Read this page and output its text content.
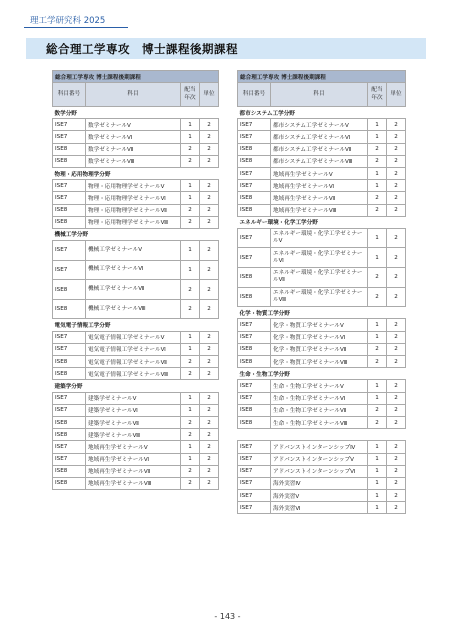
理工学研究科 2025
総合理工学専攻　博士課程後期課程
総合理工学専攻 博士課程後期課程			
科目番号	科目	配当年次	単位
数学分野			
ISE7	数学ゼミナールⅤ	1	2
ISE7	数学ゼミナールⅥ	1	2
ISE8	数学ゼミナールⅦ	2	2
ISE8	数学ゼミナールⅧ	2	2
物理・応用物理学分野			
ISE7	物理・応用物理学ゼミナールⅤ	1	2
ISE7	物理・応用物理学ゼミナールⅥ	1	2
ISE8	物理・応用物理学ゼミナールⅦ	2	2
ISE8	物理・応用物理学ゼミナールⅧ	2	2
機械工学分野			
ISE7	機械工学ゼミナールⅤ	1	2
ISE7	機械工学ゼミナールⅥ	1	2
ISE8	機械工学ゼミナールⅦ	2	2
ISE8	機械工学ゼミナールⅧ	2	2
電気電子情報工学分野			
ISE7	電気電子情報工学ゼミナールⅤ	1	2
ISE7	電気電子情報工学ゼミナールⅥ	1	2
ISE8	電気電子情報工学ゼミナールⅦ	2	2
ISE8	電気電子情報工学ゼミナールⅧ	2	2
建築学分野			
ISE7	建築学ゼミナールⅤ	1	2
ISE7	建築学ゼミナールⅥ	1	2
ISE8	建築学ゼミナールⅦ	2	2
ISE8	建築学ゼミナールⅧ	2	2
ISE7	地域再生学ゼミナールⅤ	1	2
ISE7	地域再生学ゼミナールⅥ	1	2
ISE8	地域再生学ゼミナールⅦ	2	2
ISE8	地域再生学ゼミナールⅧ	2	2
総合理工学専攻 博士課程後期課程			
科目番号	科目	配当年次	単位
都市システム工学分野			
ISE7	都市システム工学ゼミナールⅤ	1	2
ISE7	都市システム工学ゼミナールⅥ	1	2
ISE8	都市システム工学ゼミナールⅦ	2	2
ISE8	都市システム工学ゼミナールⅧ	2	2
ISE7	地域再生学ゼミナールⅤ	1	2
ISE7	地域再生学ゼミナールⅥ	1	2
ISE8	地域再生学ゼミナールⅦ	2	2
ISE8	地域再生学ゼミナールⅧ	2	2
エネルギー環境・化学工学分野			
ISE7	エネルギー環境・化学工学ゼミナールⅤ	1	2
ISE7	エネルギー環境・化学工学ゼミナールⅥ	1	2
ISE8	エネルギー環境・化学工学ゼミナールⅦ	2	2
ISE8	エネルギー環境・化学工学ゼミナールⅧ	2	2
化学・物質工学分野			
ISE7	化学・物質工学ゼミナールⅤ	1	2
ISE7	化学・物質工学ゼミナールⅥ	1	2
ISE8	化学・物質工学ゼミナールⅦ	2	2
ISE8	化学・物質工学ゼミナールⅧ	2	2
生命・生物工学分野			
ISE7	生命・生物工学ゼミナールⅤ	1	2
ISE7	生命・生物工学ゼミナールⅥ	1	2
ISE8	生命・生物工学ゼミナールⅦ	2	2
ISE8	生命・生物工学ゼミナールⅧ	2	2

ISE7	アドバンストインターンシップⅣ	1	2
ISE7	アドバンストインターンシップⅤ	1	2
ISE7	アドバンストインターンシップⅥ	1	2
ISE7	海外実習Ⅳ	1	2
ISE7	海外実習Ⅴ	1	2
ISE7	海外実習Ⅵ	1	2
- 143 -
